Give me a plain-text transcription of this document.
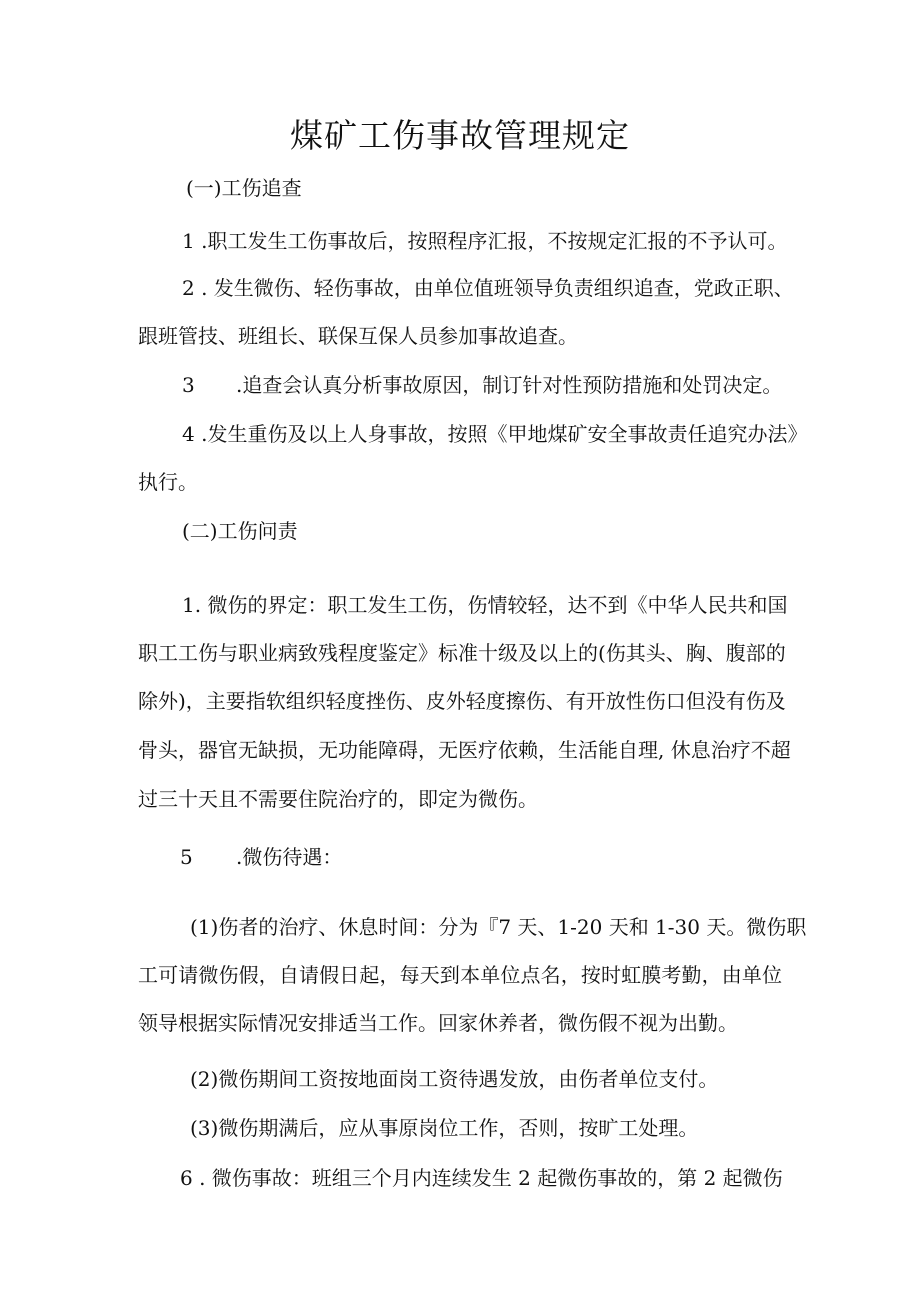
煤矿工伤事故管理规定
(一)工伤追查
1 .职工发生工伤事故后，按照程序汇报，不按规定汇报的不予认可。
2 . 发生微伤、轻伤事故，由单位值班领导负责组织追查，党政正职、
跟班管技、班组长、联保互保人员参加事故追查。
3 .追查会认真分析事故原因，制订针对性预防措施和处罚决定。
4 .发生重伤及以上人身事故，按照《甲地煤矿安全事故责任追究办法》
执行。
(二)工伤问责
1. 微伤的界定：职工发生工伤，伤情较轻，达不到《中华人民共和国
职工工伤与职业病致残程度鉴定》标准十级及以上的(伤其头、胸、腹部的
除外)，主要指软组织轻度挫伤、皮外轻度擦伤、有开放性伤口但没有伤及
骨头，器官无缺损，无功能障碍，无医疗依赖，生活能自理, 休息治疗不超
过三十天且不需要住院治疗的，即定为微伤。
5 .微伤待遇：
(1)伤者的治疗、休息时间：分为『7 天、1-20 天和 1-30 天。微伤职
工可请微伤假，自请假日起，每天到本单位点名，按时虹膜考勤，由单位
领导根据实际情况安排适当工作。回家休养者，微伤假不视为出勤。
(2)微伤期间工资按地面岗工资待遇发放，由伤者单位支付。
(3)微伤期满后，应从事原岗位工作，否则，按旷工处理。
6 . 微伤事故：班组三个月内连续发生 2 起微伤事故的，第 2 起微伤
